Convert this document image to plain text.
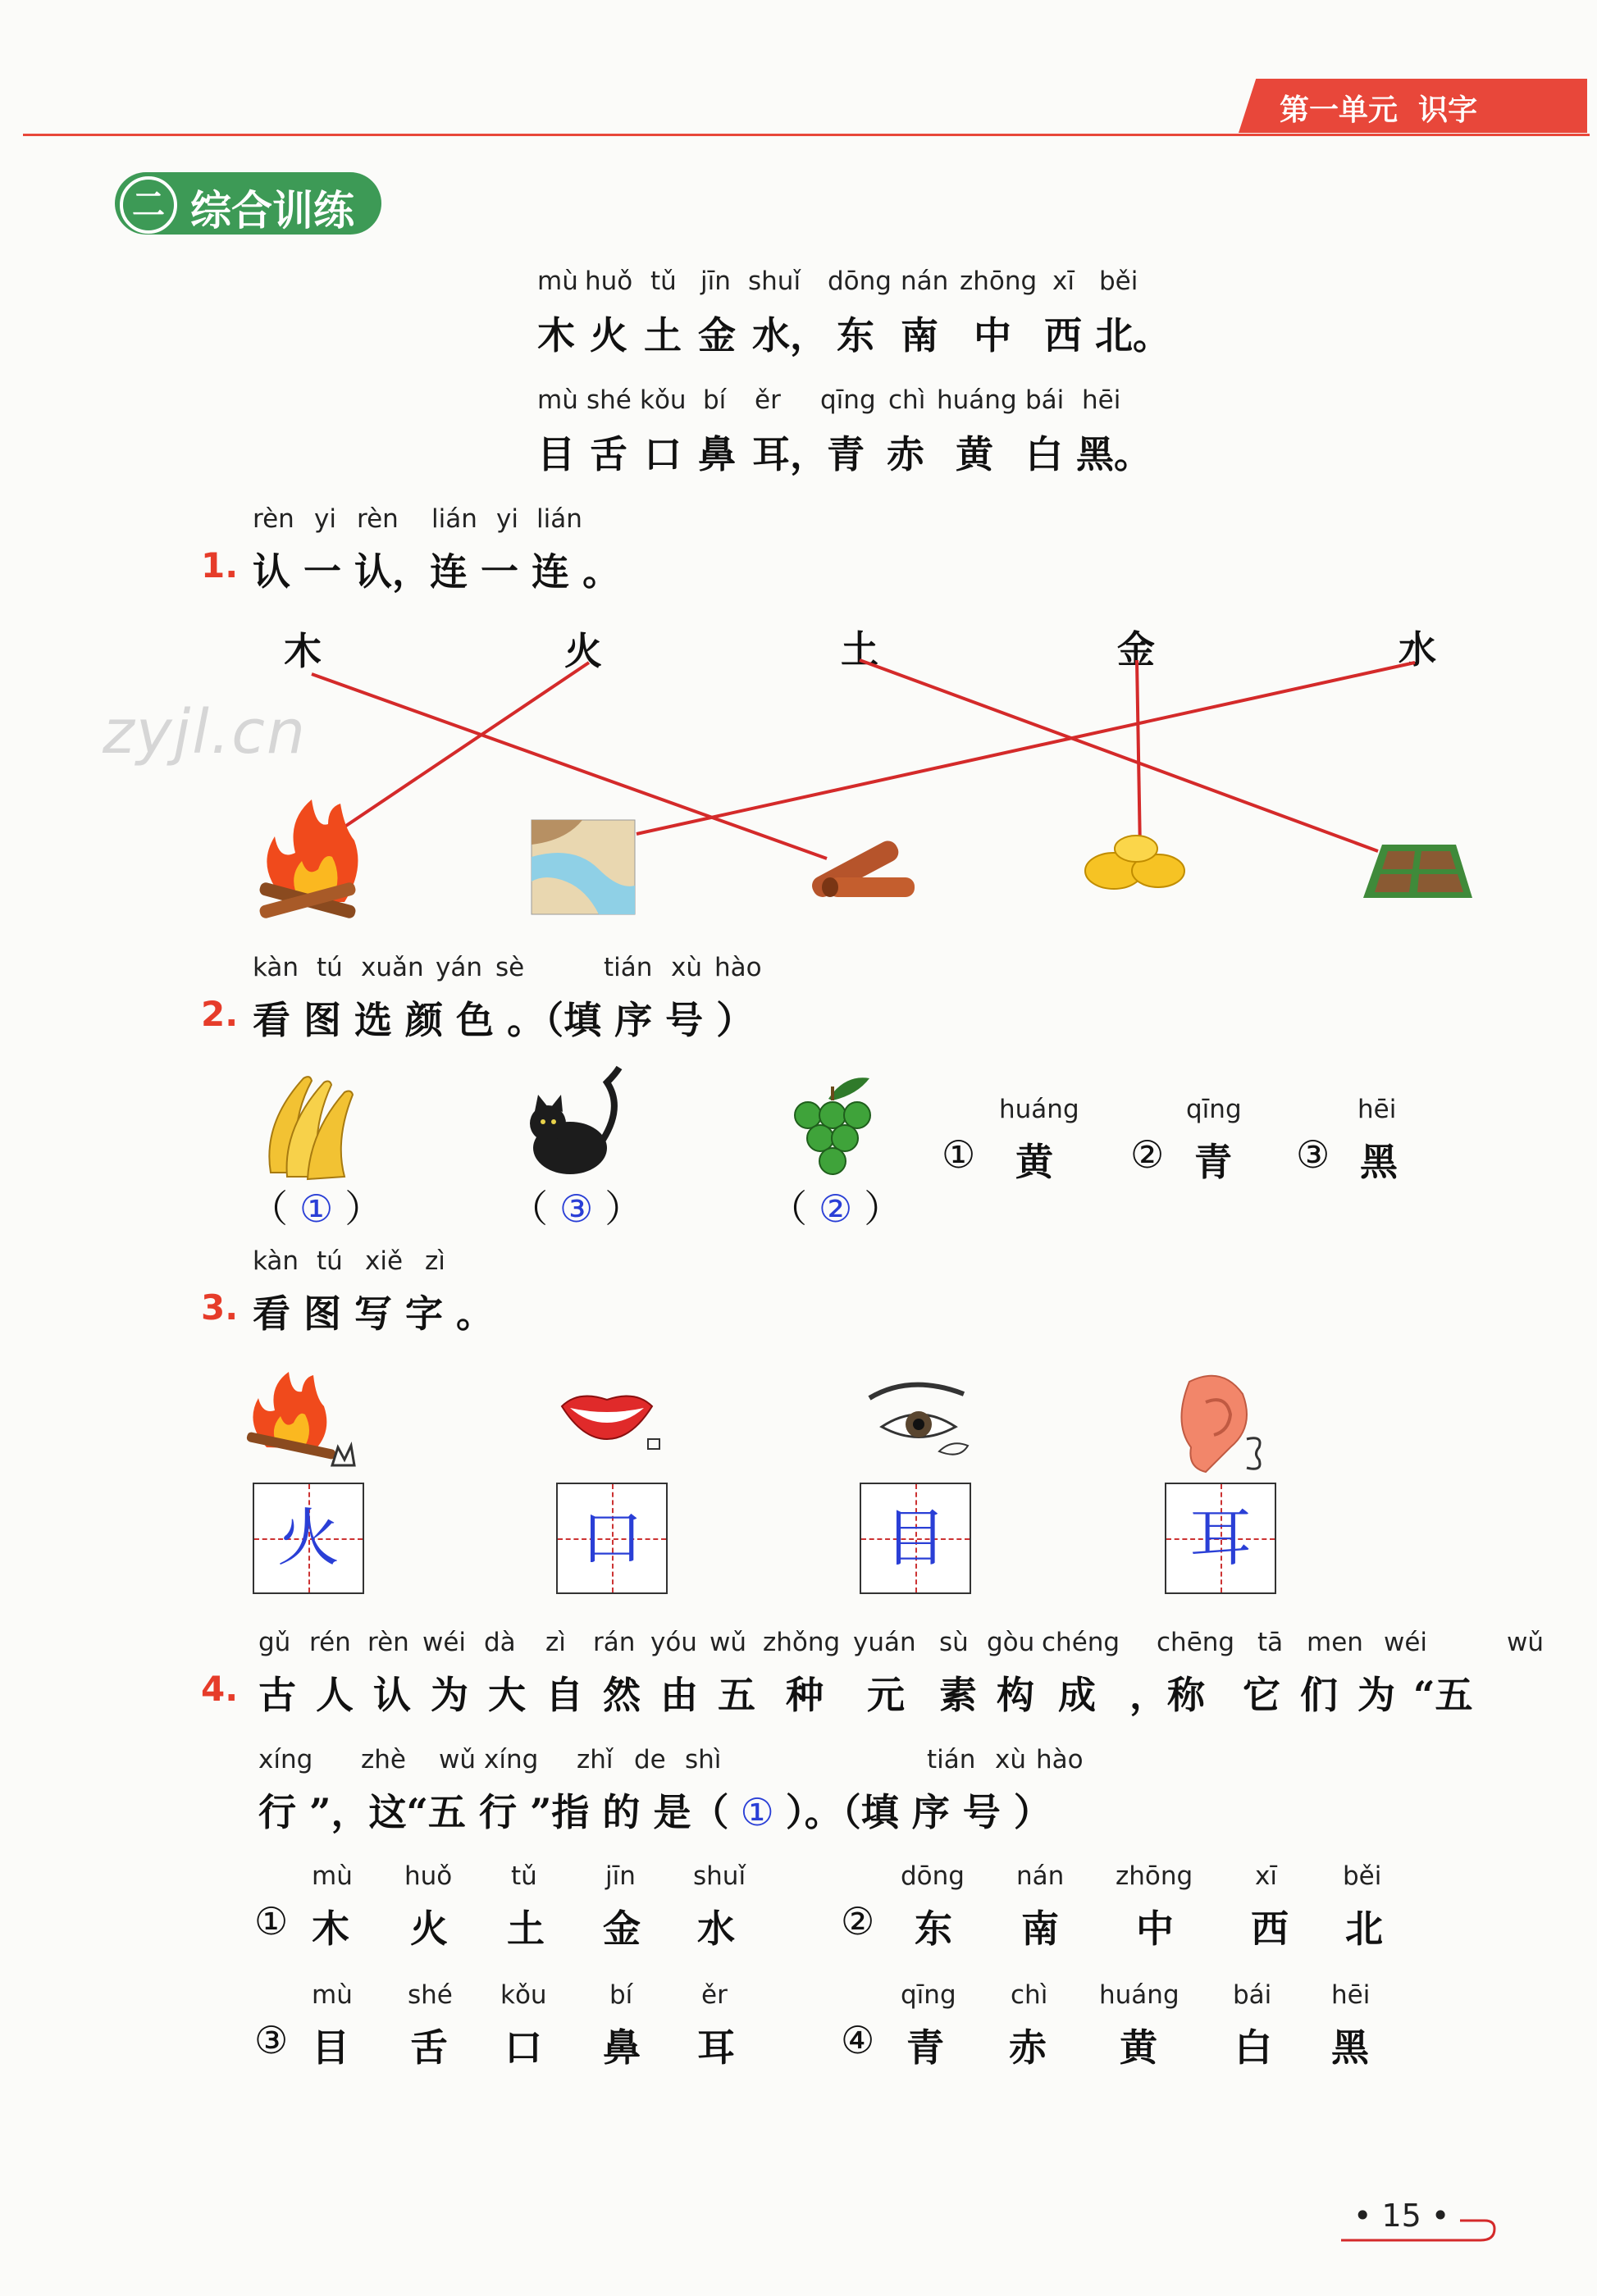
第一单元 识字
二 综合训练
mù huǒ tǔ jīn shuǐ dōng nán zhōng xī běi
木 火 土 金 水， 东 南 中 西 北。
mù shé kǒu bí ěr qīng chì huáng bái hēi
目 舌 口 鼻 耳， 青 赤 黄 白 黑。
rèn yi rèn lián yi lián
1. 认 一 认，连 一 连 。
zyjl.cn
木	火	土	金	水
kàn tú xuǎn yán sè	tián xù hào
2. 看 图 选 颜 色 。（填 序 号 ）
（ ① ）	（ ③ ）	（ ② ）
huáng
① 黄
qīng
② 青
hēi
③ 黑
kàn tú xiě zì
3. 看 图 写 字 。
火	口	目	耳
gǔ rén rèn wéi dà zì rán yóu wǔ zhǒng yuán sù gòu chéng chēng tā men wéi	wǔ
4. 古 人 认 为 大 自 然 由 五 种 元 素 构 成 ，称 它 们 为 “五
xíng zhè wǔ xíng zhǐ de shì	tián xù hào
行 ”，这“五 行 ”指 的 是（ ① ）。（填 序 号 ）
mù huǒ tǔ	jīn shuǐ
① 木 火 土 金 水
dōng nán zhōng xī	běi
② 东 南 中 西 北
mù shé kǒu bí	ěr
③ 目 舌 口 鼻 耳
qīng chì huáng bái hēi
④ 青 赤 黄 白 黑
• 15 •
